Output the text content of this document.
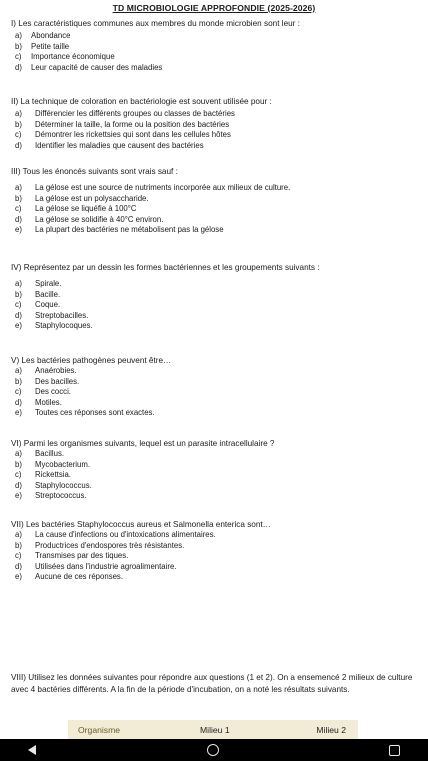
TD MICROBIOLOGIE APPROFONDIE (2025-2026)
I) Les caractéristiques communes aux membres du monde microbien sont leur :
a)	Abondance
b)	Petite taille
c)	Importance économique
d)	Leur capacité de causer des maladies
II) La technique de coloration en bactériologie est souvent utilisée pour :
a)	Différencier les différents groupes ou classes de bactéries
b)	Déterminer la taille, la forme ou la position des bactéries
c)	Démontrer les rickettsies qui sont dans les cellules hôtes
d)	Identifier les maladies que causent des bactéries
III) Tous les énoncés suivants sont vrais sauf :
a)	La gélose est une source de nutriments incorporée aux milieux de culture.
b)	La gélose est un polysaccharide.
c)	La gélose se liquéfie à 100°C
d)	La gélose se solidifie à 40°C environ.
e)	La plupart des bactéries ne métabolisent pas la gélose
IV) Représentez par un dessin les formes bactériennes et les groupements suivants :
a)	Spirale.
b)	Bacille.
c)	Coque.
d)	Streptobacilles.
e)	Staphylocoques.
V) Les bactéries pathogènes peuvent être…
a)	Anaérobies.
b)	Des bacilles.
c)	Des cocci.
d)	Motiles.
e)	Toutes ces réponses sont exactes.
VI) Parmi les organismes suivants, lequel est un parasite intracellulaire ?
a)	Bacillus.
b)	Mycobacterium.
c)	Rickettsia.
d)	Staphylococcus.
e)	Streptococcus.
VII) Les bactéries Staphylococcus aureus et Salmonella enterica sont…
a)	La cause d'infections ou d'intoxications alimentaires.
b)	Productrices d'endospores très résistantes.
c)	Transmises par des tiques.
d)	Utilisées dans l'industrie agroalimentaire.
e)	Aucune de ces réponses.
VIII) Utilisez les données suivantes pour répondre aux questions (1 et 2). On a ensemencé 2 milieux de culture avec 4 bactéries différents. A la fin de la période d'incubation, on a noté les résultats suivants.
Organisme	Milieu 1	Milieu 2
